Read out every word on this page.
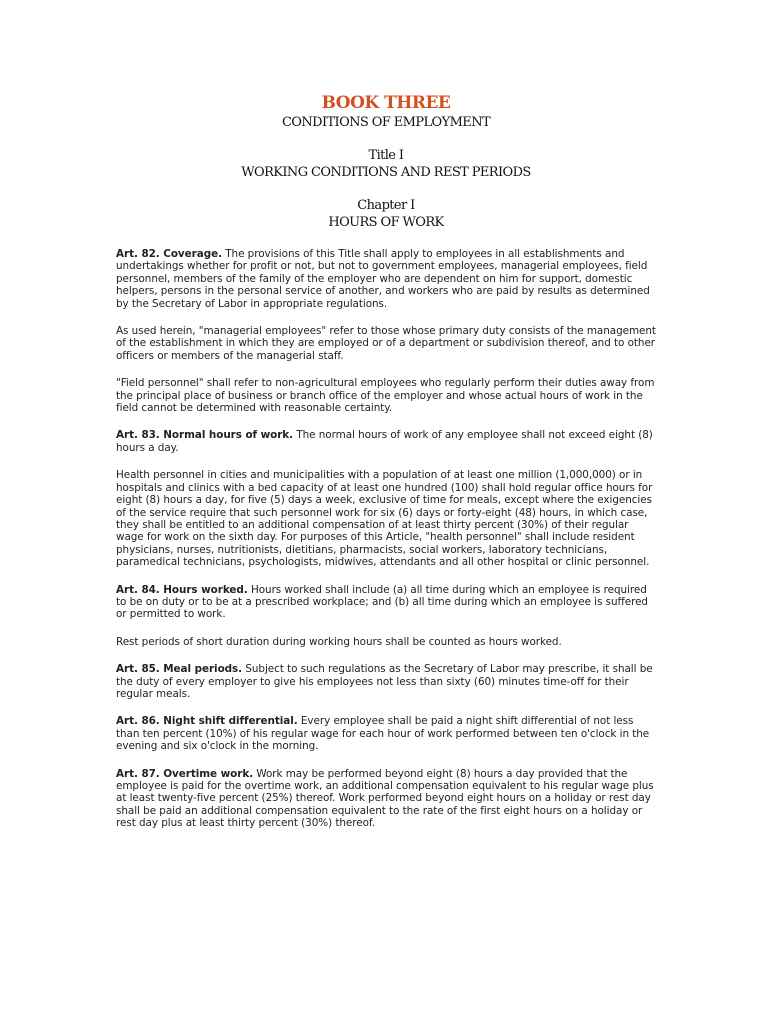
BOOK THREE

CONDITIONS OF EMPLOYMENT

Title I

WORKING CONDITIONS AND REST PERIODS

Chapter I

HOURS OF WORK

Art. 82. Coverage. The provisions of this Title shall apply to employees in all establishments and undertakings whether for profit or not, but not to government employees, managerial employees, field personnel, members of the family of the employer who are dependent on him for support, domestic helpers, persons in the personal service of another, and workers who are paid by results as determined by the Secretary of Labor in appropriate regulations.

As used herein, "managerial employees" refer to those whose primary duty consists of the management of the establishment in which they are employed or of a department or subdivision thereof, and to other officers or members of the managerial staff.

"Field personnel" shall refer to non-agricultural employees who regularly perform their duties away from the principal place of business or branch office of the employer and whose actual hours of work in the field cannot be determined with reasonable certainty.

Art. 83. Normal hours of work. The normal hours of work of any employee shall not exceed eight (8) hours a day.

Health personnel in cities and municipalities with a population of at least one million (1,000,000) or in hospitals and clinics with a bed capacity of at least one hundred (100) shall hold regular office hours for eight (8) hours a day, for five (5) days a week, exclusive of time for meals, except where the exigencies of the service require that such personnel work for six (6) days or forty-eight (48) hours, in which case, they shall be entitled to an additional compensation of at least thirty percent (30%) of their regular wage for work on the sixth day. For purposes of this Article, "health personnel" shall include resident physicians, nurses, nutritionists, dietitians, pharmacists, social workers, laboratory technicians, paramedical technicians, psychologists, midwives, attendants and all other hospital or clinic personnel.

Art. 84. Hours worked. Hours worked shall include (a) all time during which an employee is required to be on duty or to be at a prescribed workplace; and (b) all time during which an employee is suffered or permitted to work.

Rest periods of short duration during working hours shall be counted as hours worked.

Art. 85. Meal periods. Subject to such regulations as the Secretary of Labor may prescribe, it shall be the duty of every employer to give his employees not less than sixty (60) minutes time-off for their regular meals.

Art. 86. Night shift differential. Every employee shall be paid a night shift differential of not less than ten percent (10%) of his regular wage for each hour of work performed between ten o'clock in the evening and six o'clock in the morning.

Art. 87. Overtime work. Work may be performed beyond eight (8) hours a day provided that the employee is paid for the overtime work, an additional compensation equivalent to his regular wage plus at least twenty-five percent (25%) thereof. Work performed beyond eight hours on a holiday or rest day shall be paid an additional compensation equivalent to the rate of the first eight hours on a holiday or rest day plus at least thirty percent (30%) thereof.
